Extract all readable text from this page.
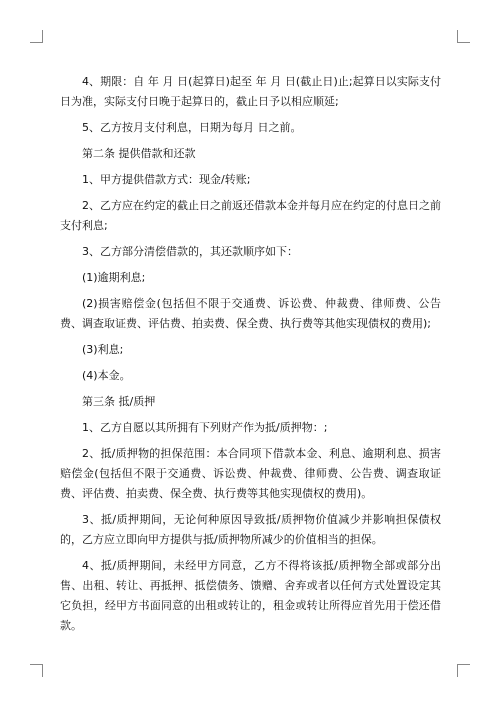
4、期限：自 年 月 日(起算日)起至 年 月 日(截止日)止;起算日以实际支付日为准，实际支付日晚于起算日的，截止日予以相应顺延;

5、乙方按月支付利息，日期为每月 日之前。

第二条 提供借款和还款

1、甲方提供借款方式：现金/转账;

2、乙方应在约定的截止日之前返还借款本金并每月应在约定的付息日之前支付利息;

3、乙方部分清偿借款的，其还款顺序如下：

(1)逾期利息;

(2)损害赔偿金(包括但不限于交通费、诉讼费、仲裁费、律师费、公告费、调查取证费、评估费、拍卖费、保全费、执行费等其他实现债权的费用);

(3)利息;

(4)本金。

第三条 抵/质押

1、乙方自愿以其所拥有下列财产作为抵/质押物：;

2、抵/质押物的担保范围：本合同项下借款本金、利息、逾期利息、损害赔偿金(包括但不限于交通费、诉讼费、仲裁费、律师费、公告费、调查取证费、评估费、拍卖费、保全费、执行费等其他实现债权的费用)。

3、抵/质押期间，无论何种原因导致抵/质押物价值减少并影响担保债权的，乙方应立即向甲方提供与抵/质押物所减少的价值相当的担保。

4、抵/质押期间，未经甲方同意，乙方不得将该抵/质押物全部或部分出售、出租、转让、再抵押、抵偿债务、馈赠、舍弃或者以任何方式处置设定其它负担，经甲方书面同意的出租或转让的，租金或转让所得应首先用于偿还借款。
